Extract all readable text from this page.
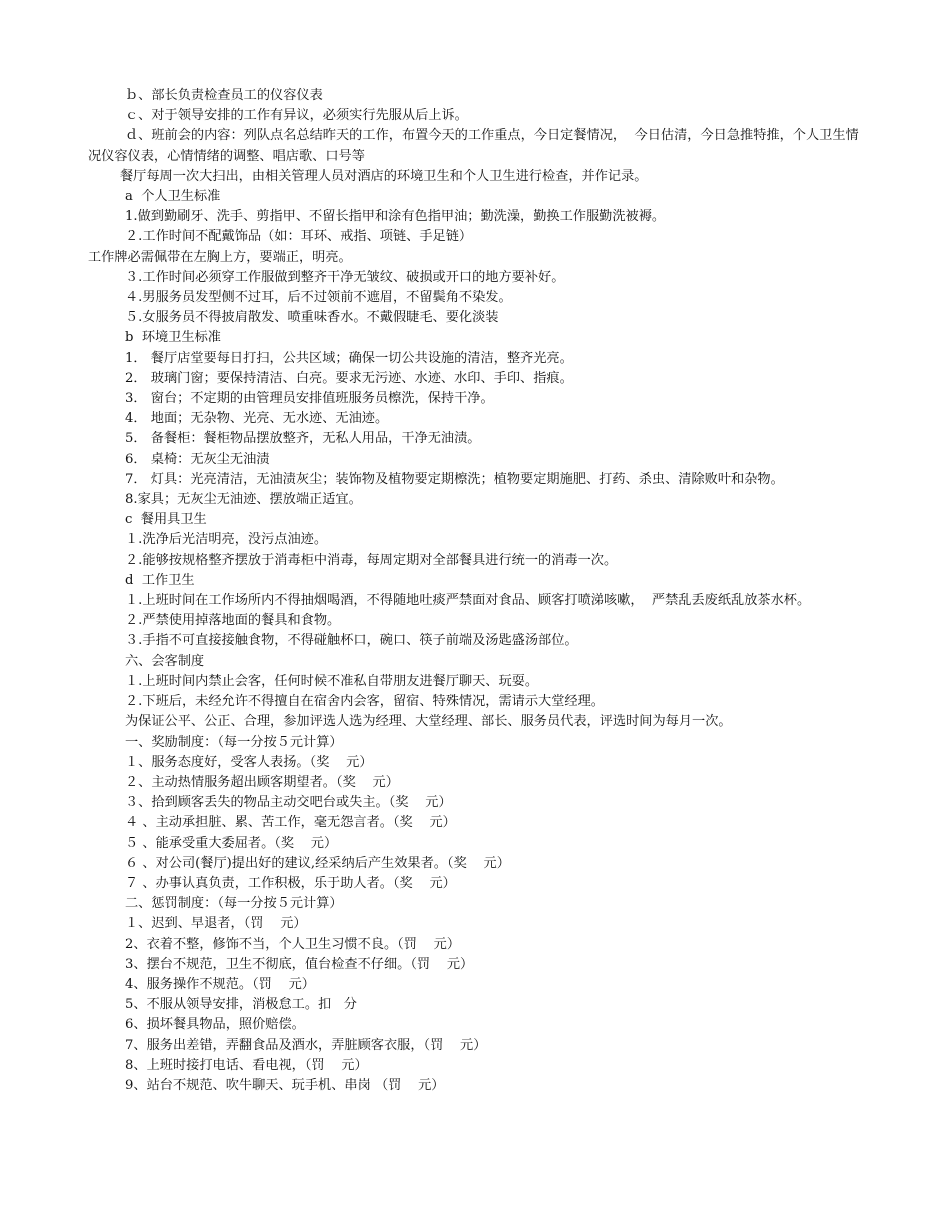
ｂ、部长负责检查员工的仪容仪表

ｃ、对于领导安排的工作有异议，必须实行先服从后上诉。

ｄ、班前会的内容：列队点名总结昨天的工作，布置今天的工作重点，今日定餐情况，  今日估清，今日急推特推，个人卫生情况仪容仪表，心情情绪的调整、唱店歌、口号等

餐厅每周一次大扫出，由相关管理人员对酒店的环境卫生和个人卫生进行检查，并作记录。

a  个人卫生标准

1.做到勤刷牙、洗手、剪指甲、不留长指甲和涂有色指甲油；勤洗澡，勤换工作服勤洗被褥。

２.工作时间不配戴饰品（如：耳环、戒指、项链、手足链）

工作牌必需佩带在左胸上方，要端正，明亮。

３.工作时间必须穿工作服做到整齐干净无皱纹、破损或开口的地方要补好。

４.男服务员发型侧不过耳，后不过领前不遮眉，不留鬓角不染发。

５.女服务员不得披肩散发、喷重味香水。不戴假睫毛、要化淡装

b  环境卫生标准

1． 餐厅店堂要每日打扫，公共区域；确保一切公共设施的清洁，整齐光亮。

2． 玻璃门窗；要保持清洁、白亮。要求无污迹、水迹、水印、手印、指痕。

3． 窗台；不定期的由管理员安排值班服务员檫洗，保持干净。

4． 地面；无杂物、光亮、无水迹、无油迹。

5． 备餐柜：餐柜物品摆放整齐，无私人用品，干净无油渍。

6． 桌椅：无灰尘无油渍

7． 灯具：光亮清洁，无油渍灰尘；装饰物及植物要定期檫洗；植物要定期施肥、打药、杀虫、清除败叶和杂物。

8.家具；无灰尘无油迹、摆放端正适宜。

c  餐用具卫生

１.洗净后光洁明亮，没污点油迹。

２.能够按规格整齐摆放于消毒柜中消毒，每周定期对全部餐具进行统一的消毒一次。

d  工作卫生

１.上班时间在工作场所内不得抽烟喝酒，不得随地吐痰严禁面对食品、顾客打喷涕咳嗽，  严禁乱丢废纸乱放茶水杯。

２.严禁使用掉落地面的餐具和食物。

３.手指不可直接接触食物，不得碰触杯口，碗口、筷子前端及汤匙盛汤部位。

六、会客制度

１.上班时间内禁止会客，任何时候不准私自带朋友进餐厅聊天、玩耍。

２.下班后，未经允许不得擅自在宿舍内会客，留宿、特殊情况，需请示大堂经理。

为保证公平、公正、合理，参加评选人选为经理、大堂经理、部长、服务员代表，评选时间为每月一次。

一、奖励制度：（每一分按５元计算）

１、服务态度好，受客人表扬。（奖    元）

２、主动热情服务超出顾客期望者。（奖    元）

３、拾到顾客丢失的物品主动交吧台或失主。（奖    元）

４ 、主动承担脏、累、苦工作，毫无怨言者。（奖    元）

５ 、能承受重大委屈者。（奖    元）

６ 、对公司(餐厅)提出好的建议,经采纳后产生效果者。（奖    元）

７ 、办事认真负责，工作积极，乐于助人者。（奖    元）

二、惩罚制度：（每一分按５元计算）

１、迟到、早退者，（罚    元）

2、衣着不整，修饰不当，个人卫生习惯不良。（罚    元）

3、摆台不规范，卫生不彻底，值台检查不仔细。（罚    元）

4、服务操作不规范。（罚    元）

5、不服从领导安排，消极怠工。扣   分

6、损坏餐具物品，照价赔偿。

7、服务出差错，弄翻食品及酒水，弄脏顾客衣服，（罚    元）

8、上班时接打电话、看电视，（罚    元）

9、站台不规范、吹牛聊天、玩手机、串岗 （罚    元）
